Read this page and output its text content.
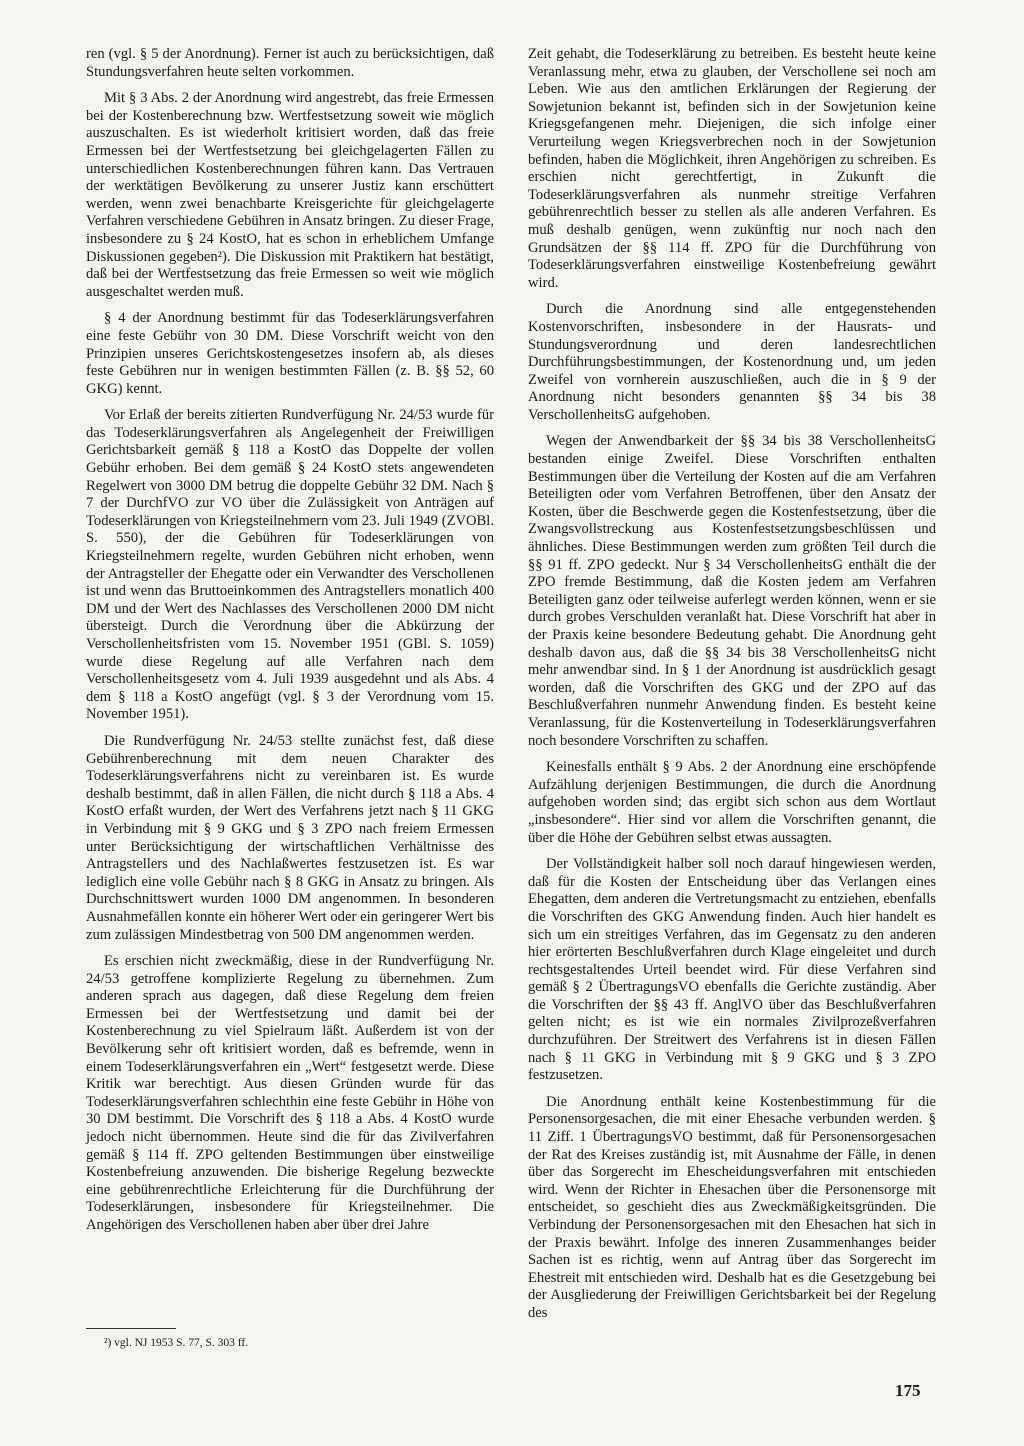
ren (vgl. § 5 der Anordnung). Ferner ist auch zu berücksichtigen, daß Stundungsverfahren heute selten vorkommen.

Mit § 3 Abs. 2 der Anordnung wird angestrebt, das freie Ermessen bei der Kostenberechnung bzw. Wertfestsetzung soweit wie möglich auszuschalten. Es ist wiederholt kritisiert worden, daß das freie Ermessen bei der Wertfestsetzung bei gleichgelagerten Fällen zu unterschiedlichen Kostenberechnungen führen kann. Das Vertrauen der werktätigen Bevölkerung zu unserer Justiz kann erschüttert werden, wenn zwei benachbarte Kreisgerichte für gleichgelagerte Verfahren verschiedene Gebühren in Ansatz bringen. Zu dieser Frage, insbesondere zu § 24 KostO, hat es schon in erheblichem Umfange Diskussionen gegeben²). Die Diskussion mit Praktikern hat bestätigt, daß bei der Wertfestsetzung das freie Ermessen so weit wie möglich ausgeschaltet werden muß.

§ 4 der Anordnung bestimmt für das Todeserklärungsverfahren eine feste Gebühr von 30 DM. Diese Vorschrift weicht von den Prinzipien unseres Gerichtskostengesetzes insofern ab, als dieses feste Gebühren nur in wenigen bestimmten Fällen (z. B. §§ 52, 60 GKG) kennt.

Vor Erlaß der bereits zitierten Rundverfügung Nr. 24/53 wurde für das Todeserklärungsverfahren als Angelegenheit der Freiwilligen Gerichtsbarkeit gemäß § 118 a KostO das Doppelte der vollen Gebühr erhoben. Bei dem gemäß § 24 KostO stets angewendeten Regelwert von 3000 DM betrug die doppelte Gebühr 32 DM. Nach § 7 der DurchfVO zur VO über die Zulässigkeit von Anträgen auf Todeserklärungen von Kriegsteilnehmern vom 23. Juli 1949 (ZVOBl. S. 550), der die Gebühren für Todeserklärungen von Kriegsteilnehmern regelte, wurden Gebühren nicht erhoben, wenn der Antragsteller der Ehegatte oder ein Verwandter des Verschollenen ist und wenn das Bruttoeinkommen des Antragstellers monatlich 400 DM und der Wert des Nachlasses des Verschollenen 2000 DM nicht übersteigt. Durch die Verordnung über die Abkürzung der Verschollenheitsfristen vom 15. November 1951 (GBl. S. 1059) wurde diese Regelung auf alle Verfahren nach dem Verschollenheitsgesetz vom 4. Juli 1939 ausgedehnt und als Abs. 4 dem § 118 a KostO angefügt (vgl. § 3 der Verordnung vom 15. November 1951).

Die Rundverfügung Nr. 24/53 stellte zunächst fest, daß diese Gebührenberechnung mit dem neuen Charakter des Todeserklärungsverfahrens nicht zu vereinbaren ist. Es wurde deshalb bestimmt, daß in allen Fällen, die nicht durch § 118 a Abs. 4 KostO erfaßt wurden, der Wert des Verfahrens jetzt nach § 11 GKG in Verbindung mit § 9 GKG und § 3 ZPO nach freiem Ermessen unter Berücksichtigung der wirtschaftlichen Verhältnisse des Antragstellers und des Nachlaßwertes festzusetzen ist. Es war lediglich eine volle Gebühr nach § 8 GKG in Ansatz zu bringen. Als Durchschnittswert wurden 1000 DM angenommen. In besonderen Ausnahmefällen konnte ein höherer Wert oder ein geringerer Wert bis zum zulässigen Mindestbetrag von 500 DM angenommen werden.

Es erschien nicht zweckmäßig, diese in der Rundverfügung Nr. 24/53 getroffene komplizierte Regelung zu übernehmen. Zum anderen sprach aus dagegen, daß diese Regelung dem freien Ermessen bei der Wertfestsetzung und damit bei der Kostenberechnung zu viel Spielraum läßt. Außerdem ist von der Bevölkerung sehr oft kritisiert worden, daß es befremde, wenn in einem Todeserklärungsverfahren ein „Wert“ festgesetzt werde. Diese Kritik war berechtigt. Aus diesen Gründen wurde für das Todeserklärungsverfahren schlechthin eine feste Gebühr in Höhe von 30 DM bestimmt. Die Vorschrift des § 118 a Abs. 4 KostO wurde jedoch nicht übernommen. Heute sind die für das Zivilverfahren gemäß § 114 ff. ZPO geltenden Bestimmungen über einstweilige Kostenbefreiung anzuwenden. Die bisherige Regelung bezweckte eine gebührenrechtliche Erleichterung für die Durchführung der Todeserklärungen, insbesondere für Kriegsteilnehmer. Die Angehörigen des Verschollenen haben aber über drei Jahre

Zeit gehabt, die Todeserklärung zu betreiben. Es besteht heute keine Veranlassung mehr, etwa zu glauben, der Verschollene sei noch am Leben. Wie aus den amtlichen Erklärungen der Regierung der Sowjetunion bekannt ist, befinden sich in der Sowjetunion keine Kriegsgefangenen mehr. Diejenigen, die sich infolge einer Verurteilung wegen Kriegsverbrechen noch in der Sowjetunion befinden, haben die Möglichkeit, ihren Angehörigen zu schreiben. Es erschien nicht gerechtfertigt, in Zukunft die Todeserklärungsverfahren als nunmehr streitige Verfahren gebührenrechtlich besser zu stellen als alle anderen Verfahren. Es muß deshalb genügen, wenn zukünftig nur noch nach den Grundsätzen der §§ 114 ff. ZPO für die Durchführung von Todeserklärungsverfahren einstweilige Kostenbefreiung gewährt wird.

Durch die Anordnung sind alle entgegenstehenden Kostenvorschriften, insbesondere in der Hausrats- und Stundungsverordnung und deren landesrechtlichen Durchführungsbestimmungen, der Kostenordnung und, um jeden Zweifel von vornherein auszuschließen, auch die in § 9 der Anordnung nicht besonders genannten §§ 34 bis 38 VerschollenheitsG aufgehoben.

Wegen der Anwendbarkeit der §§ 34 bis 38 VerschollenheitsG bestanden einige Zweifel. Diese Vorschriften enthalten Bestimmungen über die Verteilung der Kosten auf die am Verfahren Beteiligten oder vom Verfahren Betroffenen, über den Ansatz der Kosten, über die Beschwerde gegen die Kostenfestsetzung, über die Zwangsvollstreckung aus Kostenfestsetzungsbeschlüssen und ähnliches. Diese Bestimmungen werden zum größten Teil durch die §§ 91 ff. ZPO gedeckt. Nur § 34 VerschollenheitsG enthält die der ZPO fremde Bestimmung, daß die Kosten jedem am Verfahren Beteiligten ganz oder teilweise auferlegt werden können, wenn er sie durch grobes Verschulden veranlaßt hat. Diese Vorschrift hat aber in der Praxis keine besondere Bedeutung gehabt. Die Anordnung geht deshalb davon aus, daß die §§ 34 bis 38 VerschollenheitsG nicht mehr anwendbar sind. In § 1 der Anordnung ist ausdrücklich gesagt worden, daß die Vorschriften des GKG und der ZPO auf das Beschlußverfahren nunmehr Anwendung finden. Es besteht keine Veranlassung, für die Kostenverteilung in Todeserklärungsverfahren noch besondere Vorschriften zu schaffen.

Keinesfalls enthält § 9 Abs. 2 der Anordnung eine erschöpfende Aufzählung derjenigen Bestimmungen, die durch die Anordnung aufgehoben worden sind; das ergibt sich schon aus dem Wortlaut „insbesondere“. Hier sind vor allem die Vorschriften genannt, die über die Höhe der Gebühren selbst etwas aussagten.

Der Vollständigkeit halber soll noch darauf hingewiesen werden, daß für die Kosten der Entscheidung über das Verlangen eines Ehegatten, dem anderen die Vertretungsmacht zu entziehen, ebenfalls die Vorschriften des GKG Anwendung finden. Auch hier handelt es sich um ein streitiges Verfahren, das im Gegensatz zu den anderen hier erörterten Beschlußverfahren durch Klage eingeleitet und durch rechtsgestaltendes Urteil beendet wird. Für diese Verfahren sind gemäß § 2 ÜbertragungsVO ebenfalls die Gerichte zuständig. Aber die Vorschriften der §§ 43 ff. AnglVO über das Beschlußverfahren gelten nicht; es ist wie ein normales Zivilprozeßverfahren durchzuführen. Der Streitwert des Verfahrens ist in diesen Fällen nach § 11 GKG in Verbindung mit § 9 GKG und § 3 ZPO festzusetzen.

Die Anordnung enthält keine Kostenbestimmung für die Personensorgesachen, die mit einer Ehesache verbunden werden. § 11 Ziff. 1 ÜbertragungsVO bestimmt, daß für Personensorgesachen der Rat des Kreises zuständig ist, mit Ausnahme der Fälle, in denen über das Sorgerecht im Ehescheidungsverfahren mit entschieden wird. Wenn der Richter in Ehesachen über die Personensorge mit entscheidet, so geschieht dies aus Zweckmäßigkeitsgründen. Die Verbindung der Personensorgesachen mit den Ehesachen hat sich in der Praxis bewährt. Infolge des inneren Zusammenhanges beider Sachen ist es richtig, wenn auf Antrag über das Sorgerecht im Ehestreit mit entschieden wird. Deshalb hat es die Gesetzgebung bei der Ausgliederung der Freiwilligen Gerichtsbarkeit bei der Regelung des

²) vgl. NJ 1953 S. 77, S. 303 ff.
175
